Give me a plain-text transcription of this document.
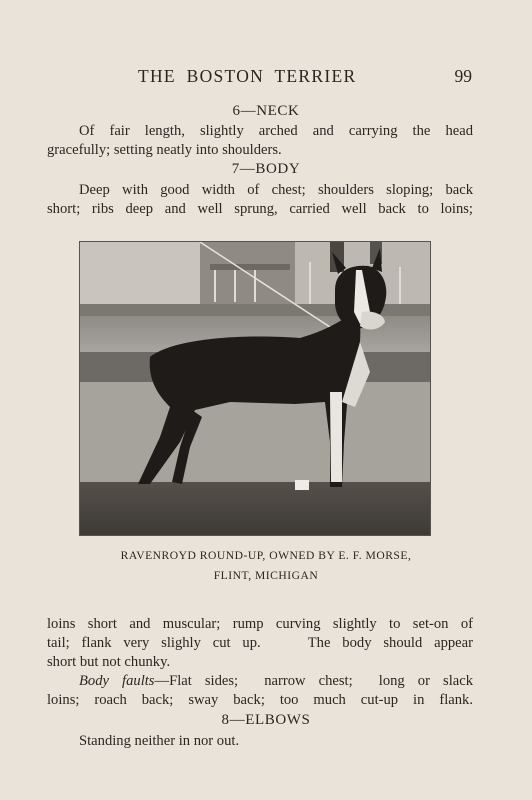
THE BOSTON TERRIER	99
6—NECK
Of fair length, slightly arched and carrying the head
gracefully; setting neatly into shoulders.
7—BODY
Deep with good width of chest; shoulders sloping; back
short; ribs deep and well sprung, carried well back to loins;
RAVENROYD ROUND-UP, OWNED BY E. F. MORSE,
FLINT, MICHIGAN
loins short and muscular; rump curving slightly to set-on of
tail; flank very slighly cut up.    The body should appear
short but not chunky.
Body faults—Flat sides;  narrow chest;  long or slack
loins; roach back; sway back; too much cut-up in flank.
8—ELBOWS
Standing neither in nor out.
